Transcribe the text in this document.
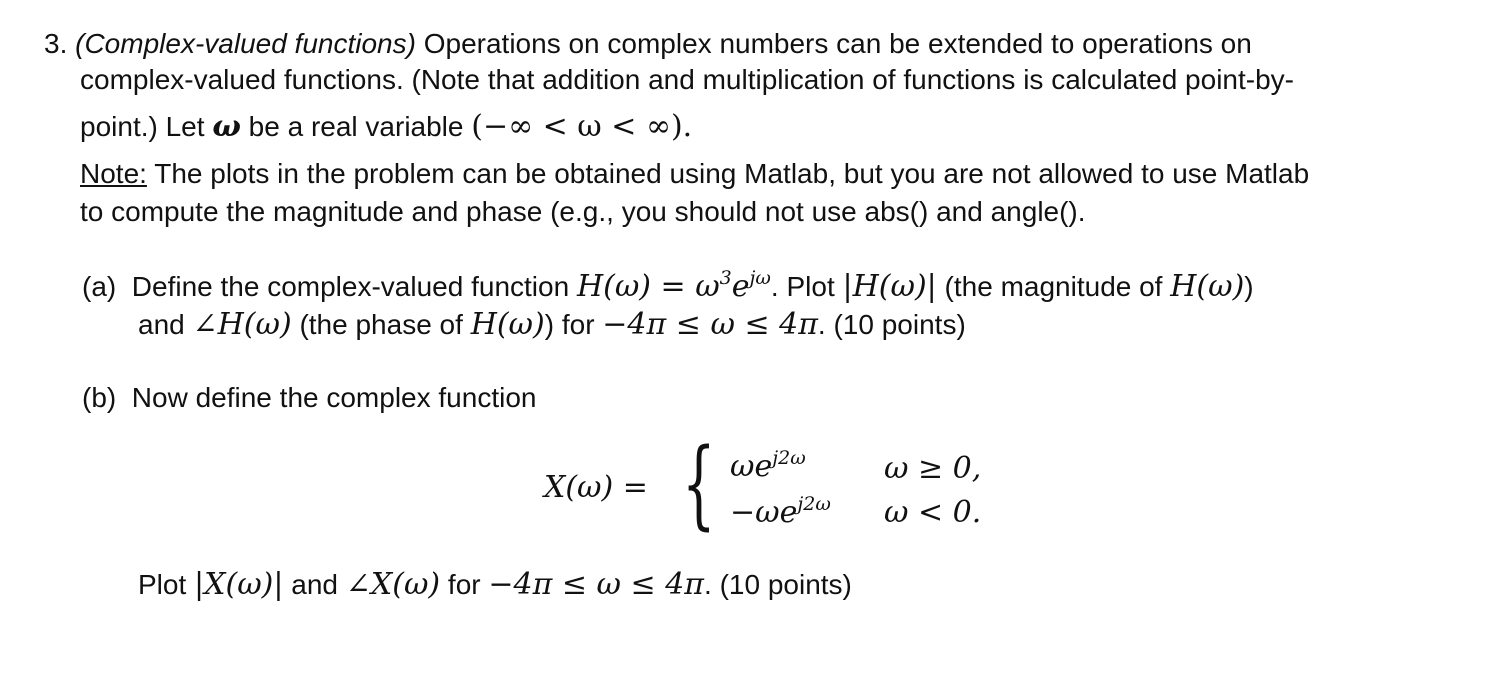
3. (Complex-valued functions) Operations on complex numbers can be extended to operations on
complex-valued functions. (Note that addition and multiplication of functions is calculated point-by-
point.) Let ω be a real variable (−∞ < ω < ∞).
Note: The plots in the problem can be obtained using Matlab, but you are not allowed to use Matlab
to compute the magnitude and phase (e.g., you should not use abs() and angle().
(a) Define the complex-valued function $H(\omega) = \omega^3e^{j\omega}$. Plot |H(ω)| (the magnitude of H(ω))
and ∠H(ω) (the phase of H(ω)) for −4π ≤ ω ≤ 4π. (10 points)
(b) Now define the complex function
X(ω) = { $\omega e^{j2\omega}$	ω ≥ 0,
$-\omega e^{j2\omega}$ ω < 0.
Plot |X(ω)| and ∠X(ω) for −4π ≤ ω ≤ 4π. (10 points)
